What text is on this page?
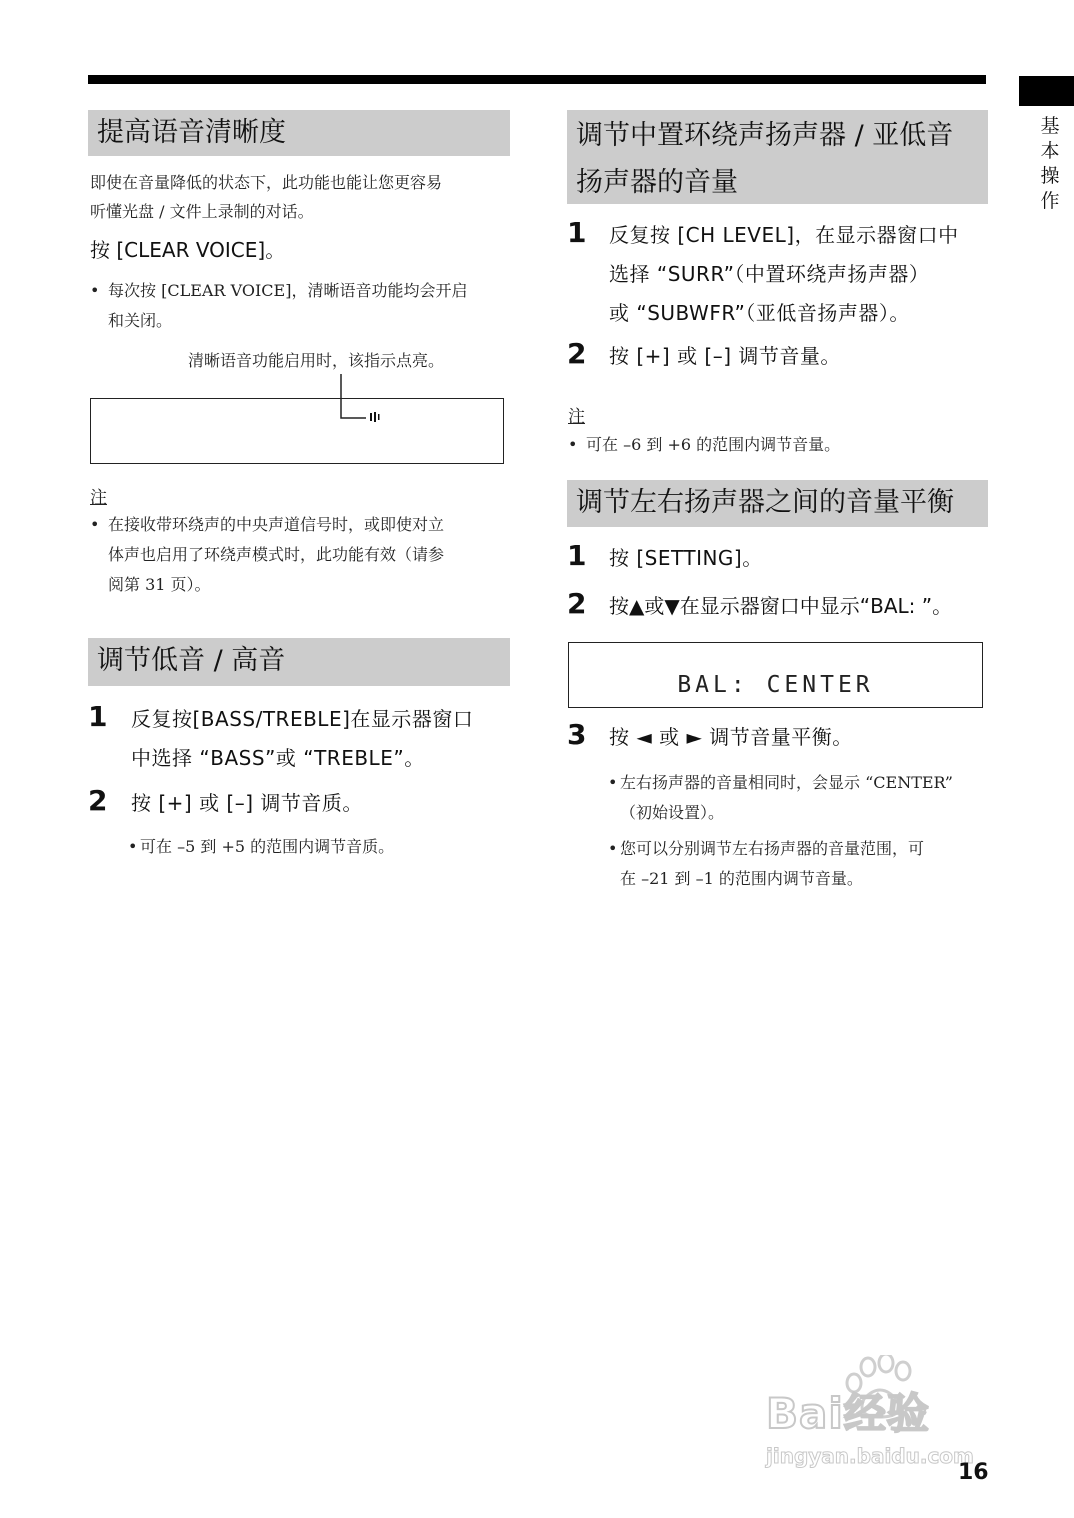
基本操作
提高语音清晰度
即使在音量降低的状态下，此功能也能让您更容易
听懂光盘 / 文件上录制的对话。
按 [CLEAR VOICE]。
• 每次按 [CLEAR VOICE]，清晰语音功能均会开启
和关闭。
清晰语音功能启用时，该指示点亮。
注
• 在接收带环绕声的中央声道信号时，或即使对立
体声也启用了环绕声模式时，此功能有效（请参
阅第 31 页）。
调节低音 / 高音
1 反复按[BASS/TREBLE]在显示器窗口
中选择 “BASS”或 “TREBLE”。
2 按 [+] 或 [–] 调节音质。
• 可在 –5 到 +5 的范围内调节音质。
调节中置环绕声扬声器 / 亚低音
扬声器的音量
1 反复按 [CH LEVEL]，在显示器窗口中
选择 “SURR”（中置环绕声扬声器）
或 “SUBWFR”（亚低音扬声器）。
2 按 [+] 或 [–] 调节音量。
注
• 可在 –6 到 +6 的范围内调节音量。
调节左右扬声器之间的音量平衡
1 按 [SETTING]。
2 按▲或▼在显示器窗口中显示“BAL: ”。
BAL: CENTER
3 按 ◄ 或 ► 调节音量平衡。
• 左右扬声器的音量相同时，会显示 “CENTER”
（初始设置）。
• 您可以分别调节左右扬声器的音量范围，可
在 –21 到 –1 的范围内调节音量。
Bai经验
jingyan.baidu.com
16
